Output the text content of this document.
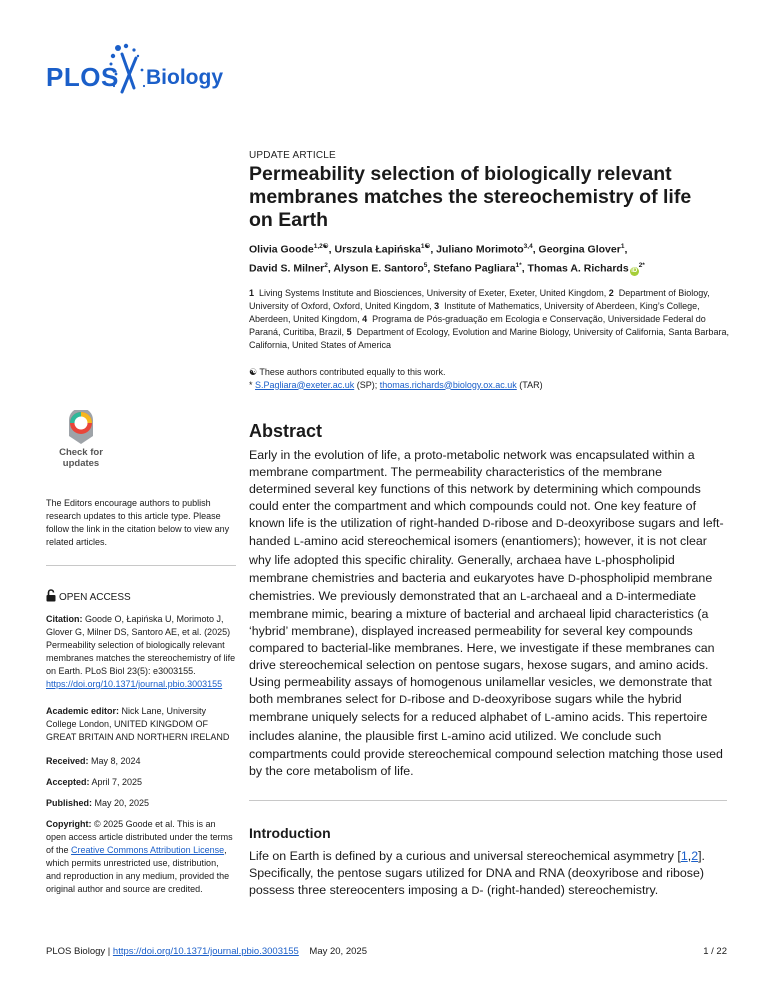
PLOS Biology
UPDATE ARTICLE
Permeability selection of biologically relevant membranes matches the stereochemistry of life on Earth
Olivia Goode$^{1,2☯}$, Urszula Łapińska$^{1☯}$, Juliano Morimoto$^{3,4}$, Georgina Glover$^1$,
David S. Milner$^2$, Alyson E. Santoro$^5$, Stefano Pagliara$^{1*}$, Thomas A. Richards $iD^{2*}$
1 Living Systems Institute and Biosciences, University of Exeter, Exeter, United Kingdom, 2 Department of Biology, University of Oxford, Oxford, United Kingdom, 3 Institute of Mathematics, University of Aberdeen, King’s College, Aberdeen, United Kingdom, 4 Programa de Pós-graduação em Ecologia e Conservação, Universidade Federal do Paraná, Curitiba, Brazil, 5 Department of Ecology, Evolution and Marine Biology, University of California, Santa Barbara, California, United States of America
☯ These authors contributed equally to this work.
* S.Pagliara@exeter.ac.uk (SP); thomas.richards@biology.ox.ac.uk (TAR)
Check for
updates
The Editors encourage authors to publish research updates to this article type. Please follow the link in the citation below to view any related articles.
OPEN ACCESS
Citation: Goode O, Łapińska U, Morimoto J, Glover G, Milner DS, Santoro AE, et al. (2025) Permeability selection of biologically relevant membranes matches the stereochemistry of life on Earth. PLoS Biol 23(5): e3003155. https://doi.org/10.1371/journal.pbio.3003155
Academic editor: Nick Lane, University College London, UNITED KINGDOM OF GREAT BRITAIN AND NORTHERN IRELAND
Received: May 8, 2024
Accepted: April 7, 2025
Published: May 20, 2025
Copyright: © 2025 Goode et al. This is an open access article distributed under the terms of the Creative Commons Attribution License, which permits unrestricted use, distribution, and reproduction in any medium, provided the original author and source are credited.
Abstract

Early in the evolution of life, a proto-metabolic network was encapsulated within a membrane compartment. The permeability characteristics of the membrane determined several key functions of this network by determining which compounds could enter the compartment and which compounds could not. One key feature of known life is the utilization of right-handed D-ribose and D-deoxyribose sugars and left-handed L-amino acid stereochemical isomers (enantiomers); however, it is not clear why life adopted this specific chirality. Generally, archaea have L-phospholipid membrane chemistries and bacteria and eukaryotes have D-phospholipid membrane chemistries. We previously demonstrated that an L-archaeal and a D-intermediate membrane mimic, bearing a mixture of bacterial and archaeal lipid characteristics (a ‘hybrid’ membrane), displayed increased permeability for several key compounds compared to bacterial-like membranes. Here, we investigate if these membranes can drive stereochemical selection on pentose sugars, hexose sugars, and amino acids. Using permeability assays of homogenous unilamellar vesicles, we demonstrate that both membranes select for D-ribose and D-deoxyribose sugars while the hybrid membrane uniquely selects for a reduced alphabet of L-amino acids. This repertoire includes alanine, the plausible first L-amino acid utilized. We conclude such compartments could provide stereochemical compound selection matching those used by the core metabolism of life.

Introduction

Life on Earth is defined by a curious and universal stereochemical asymmetry [1,2]. Specifically, the pentose sugars utilized for DNA and RNA (deoxyribose and ribose) possess three stereocenters imposing a D- (right-handed) stereochemistry.

PLOS Biology | https://doi.org/10.1371/journal.pbio.3003155 May 20, 2025	1 / 22
